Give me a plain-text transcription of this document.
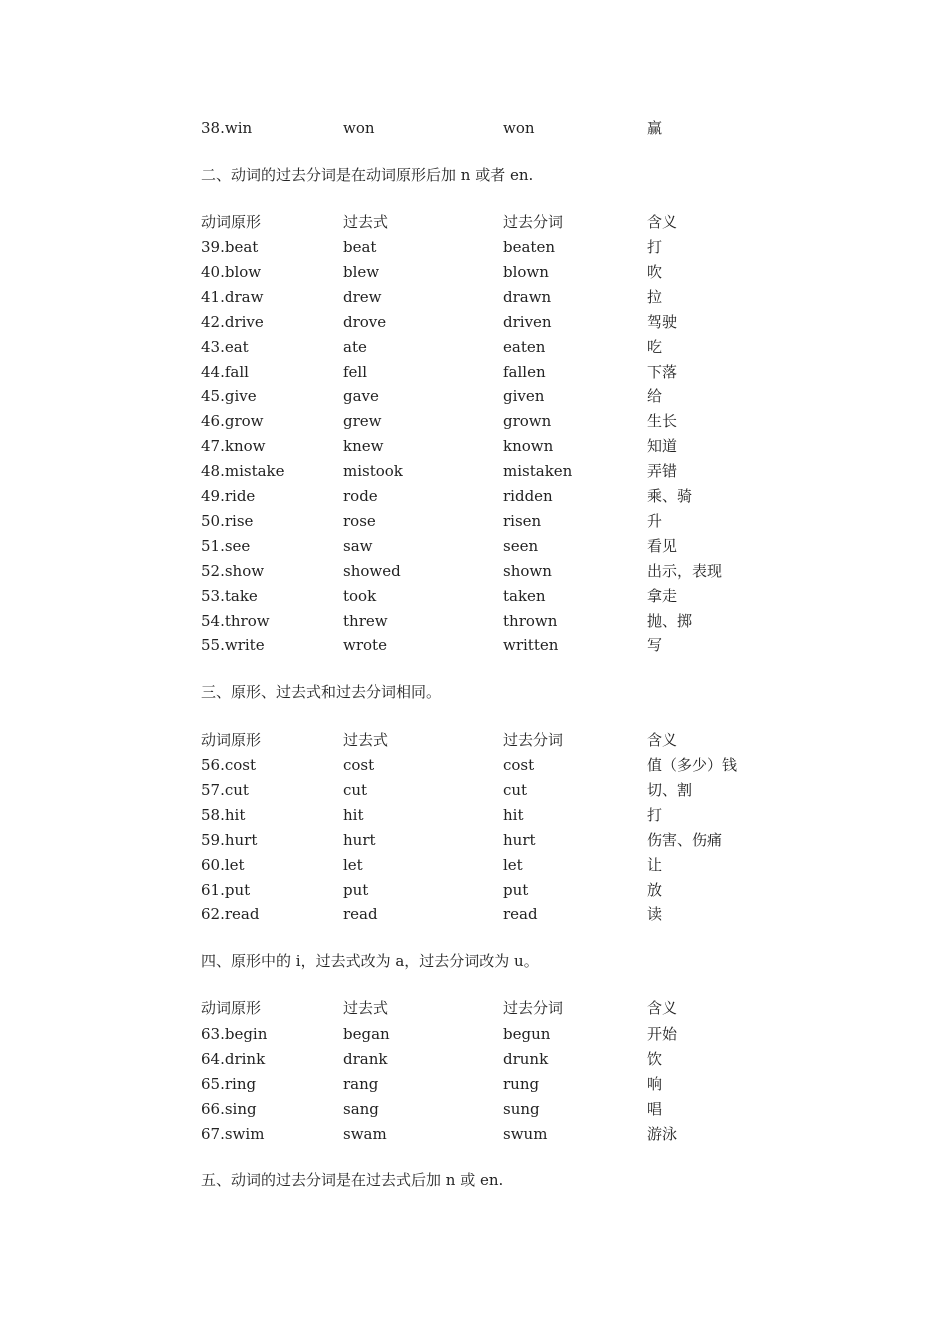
38.win	won	won	赢
二、动词的过去分词是在动词原形后加 n 或者 en.
动词原形	过去式	过去分词	含义
39.beat	beat	beaten	打
40.blow	blew	blown	吹
41.draw	drew	drawn	拉
42.drive	drove	driven	驾驶
43.eat	ate	eaten	吃
44.fall	fell	fallen	下落
45.give	gave	given	给
46.grow	grew	grown	生长
47.know	knew	known	知道
48.mistake	mistook	mistaken	弄错
49.ride	rode	ridden	乘、骑
50.rise	rose	risen	升
51.see	saw	seen	看见
52.show	showed	shown	出示，表现
53.take	took	taken	拿走
54.throw	threw	thrown	抛、掷
55.write	wrote	written	写
三、原形、过去式和过去分词相同。
动词原形	过去式	过去分词	含义
56.cost	cost	cost	值（多少）钱
57.cut	cut	cut	切、割
58.hit	hit	hit	打
59.hurt	hurt	hurt	伤害、伤痛
60.let	let	let	让
61.put	put	put	放
62.read	read	read	读
四、原形中的 i，过去式改为 a，过去分词改为 u。
动词原形	过去式	过去分词	含义
63.begin	began	begun	开始
64.drink	drank	drunk	饮
65.ring	rang	rung	响
66.sing	sang	sung	唱
67.swim	swam	swum	游泳
五、动词的过去分词是在过去式后加 n 或 en.
